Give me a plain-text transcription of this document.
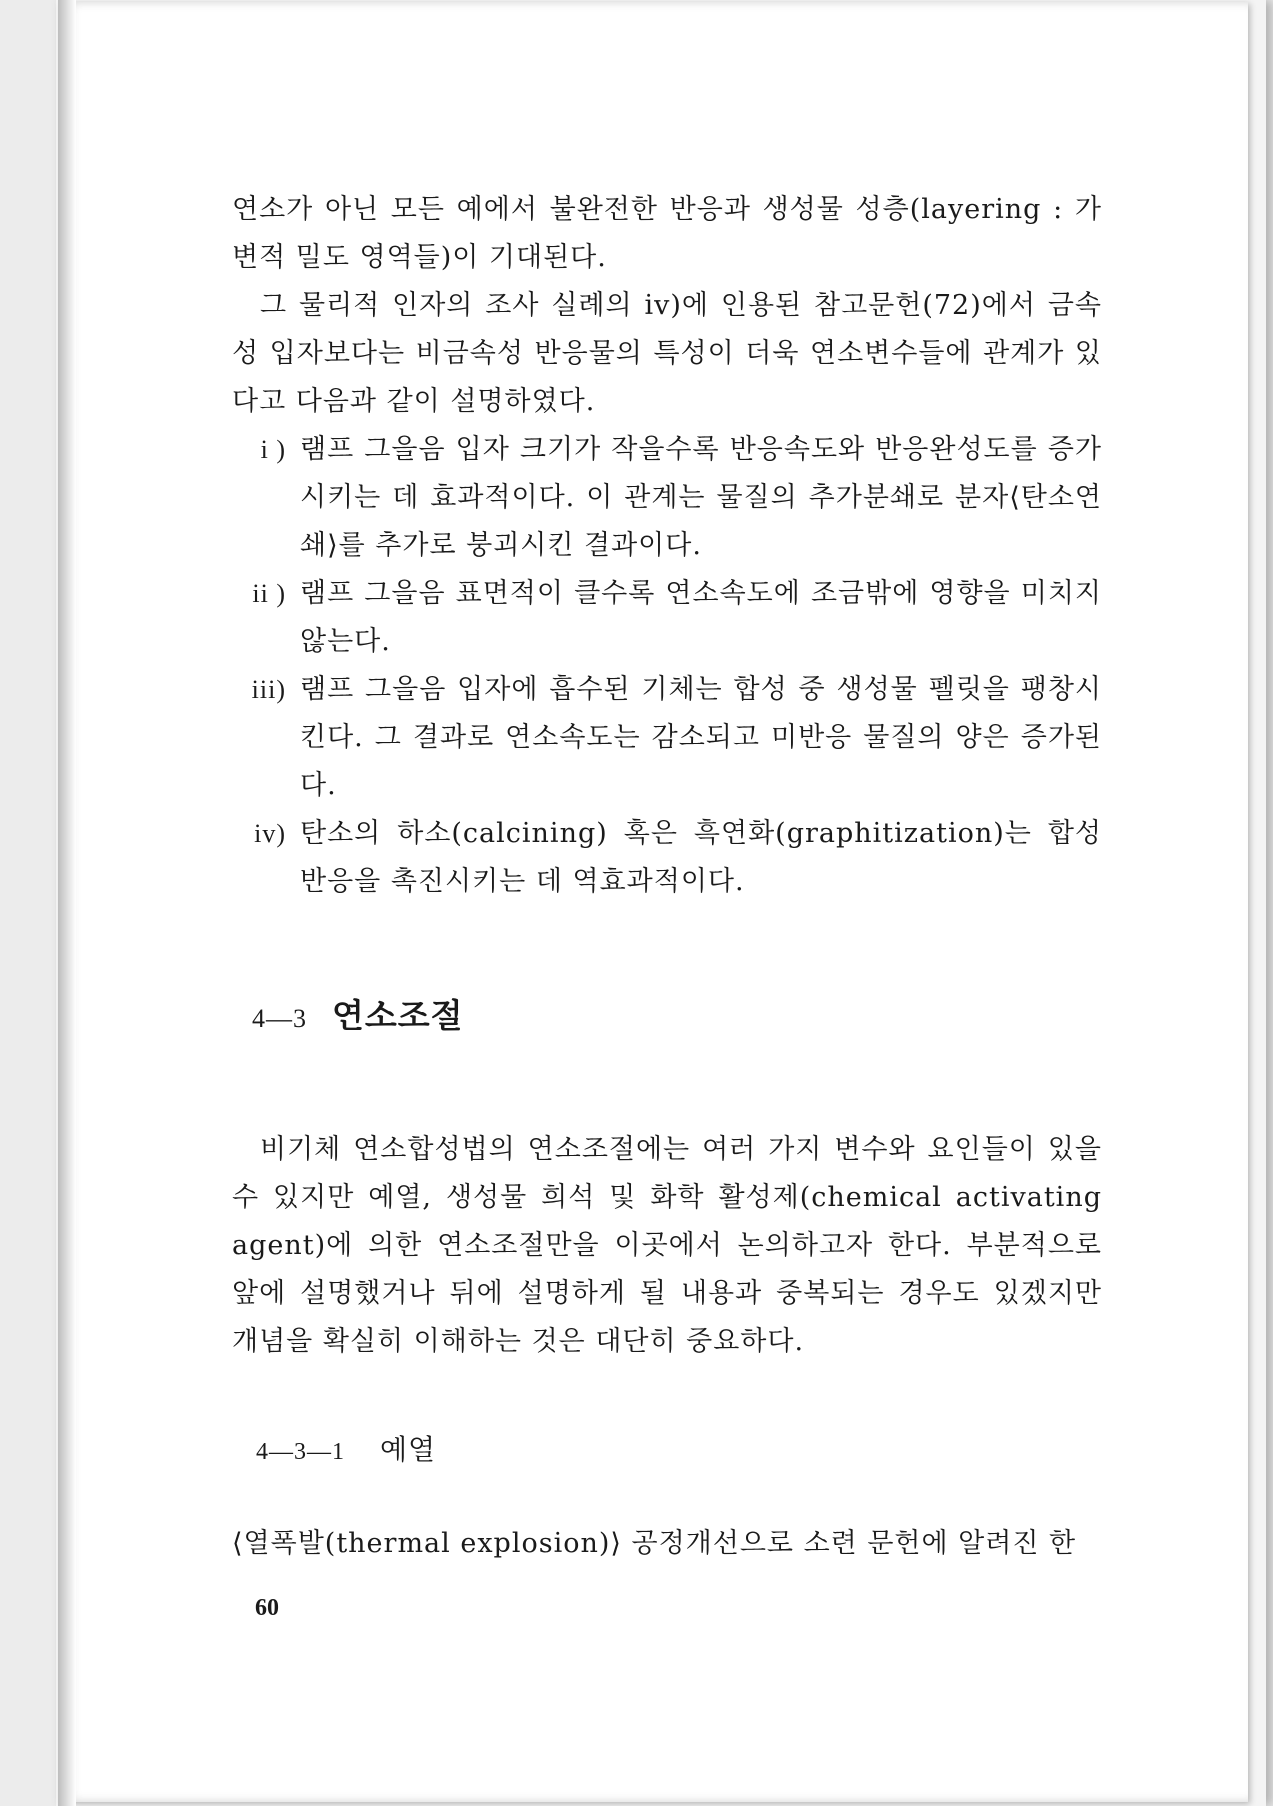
연소가 아닌 모든 예에서 불완전한 반응과 생성물 성층(layering : 가변적 밀도 영역들)이 기대된다.

그 물리적 인자의 조사 실례의 iv)에 인용된 참고문헌(72)에서 금속성 입자보다는 비금속성 반응물의 특성이 더욱 연소변수들에 관계가 있다고 다음과 같이 설명하였다.

i ) 램프 그을음 입자 크기가 작을수록 반응속도와 반응완성도를 증가시키는 데 효과적이다. 이 관계는 물질의 추가분쇄로 분자⟨탄소연쇄⟩를 추가로 붕괴시킨 결과이다.
ii ) 램프 그을음 표면적이 클수록 연소속도에 조금밖에 영향을 미치지 않는다.
iii) 램프 그을음 입자에 흡수된 기체는 합성 중 생성물 펠릿을 팽창시킨다. 그 결과로 연소속도는 감소되고 미반응 물질의 양은 증가된다.
iv) 탄소의 하소(calcining) 혹은 흑연화(graphitization)는 합성반응을 촉진시키는 데 역효과적이다.
4—3 연소조절

비기체 연소합성법의 연소조절에는 여러 가지 변수와 요인들이 있을 수 있지만 예열, 생성물 희석 및 화학 활성제(chemical activating agent)에 의한 연소조절만을 이곳에서 논의하고자 한다. 부분적으로 앞에 설명했거나 뒤에 설명하게 될 내용과 중복되는 경우도 있겠지만 개념을 확실히 이해하는 것은 대단히 중요하다.

4—3—1	예열

⟨열폭발(thermal explosion)⟩ 공정개선으로 소련 문헌에 알려진 한

60
